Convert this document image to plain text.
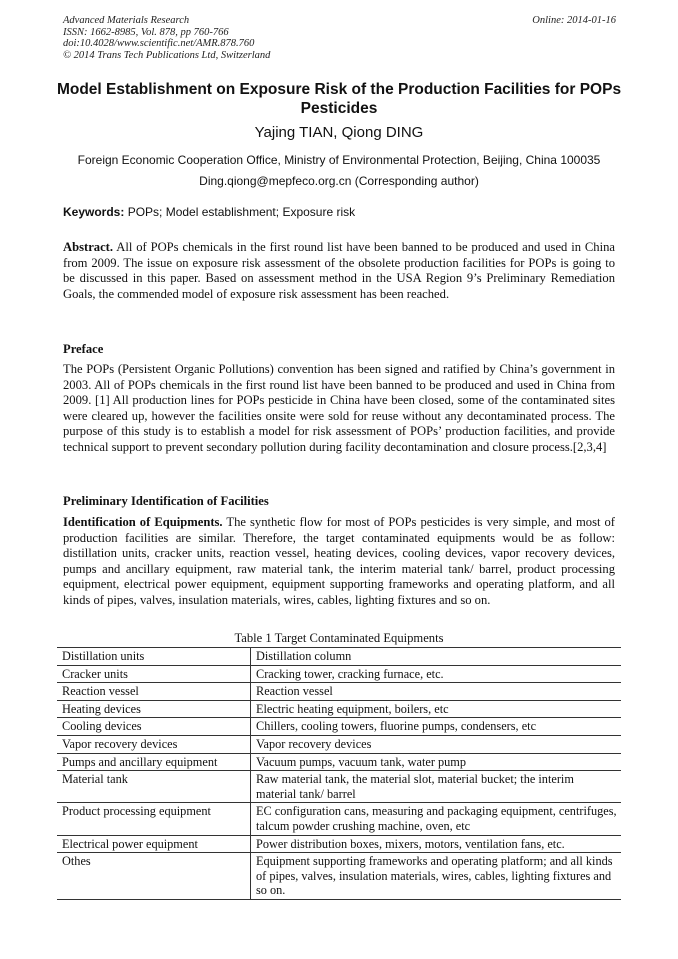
Advanced Materials Research
ISSN: 1662-8985, Vol. 878, pp 760-766
doi:10.4028/www.scientific.net/AMR.878.760
© 2014 Trans Tech Publications Ltd, Switzerland
Online: 2014-01-16
Model Establishment on Exposure Risk of the Production Facilities for POPs Pesticides
Yajing TIAN, Qiong DING
Foreign Economic Cooperation Office, Ministry of Environmental Protection, Beijing, China 100035
Ding.qiong@mepfeco.org.cn (Corresponding author)
Keywords: POPs; Model establishment; Exposure risk
Abstract. All of POPs chemicals in the first round list have been banned to be produced and used in China from 2009. The issue on exposure risk assessment of the obsolete production facilities for POPs is going to be discussed in this paper. Based on assessment method in the USA Region 9’s Preliminary Remediation Goals, the commended model of exposure risk assessment has been reached.
Preface
The POPs (Persistent Organic Pollutions) convention has been signed and ratified by China’s government in 2003. All of POPs chemicals in the first round list have been banned to be produced and used in China from 2009. [1] All production lines for POPs pesticide in China have been closed, some of the contaminated sites were cleared up, however the facilities onsite were sold for reuse without any decontaminated process. The purpose of this study is to establish a model for risk assessment of POPs’ production facilities, and provide technical support to prevent secondary pollution during facility decontamination and closure process.[2,3,4]
Preliminary Identification of Facilities
Identification of Equipments. The synthetic flow for most of POPs pesticides is very simple, and most of production facilities are similar. Therefore, the target contaminated equipments would be as follow: distillation units, cracker units, reaction vessel, heating devices, cooling devices, vapor recovery devices, pumps and ancillary equipment, raw material tank, the interim material tank/ barrel, product processing equipment, electrical power equipment, equipment supporting frameworks and operating platform, and all kinds of pipes, valves, insulation materials, wires, cables, lighting fixtures and so on.
Table 1 Target Contaminated Equipments
Distillation units	Distillation column
Cracker units	Cracking tower, cracking furnace, etc.
Reaction vessel	Reaction vessel
Heating devices	Electric heating equipment, boilers, etc
Cooling devices	Chillers, cooling towers, fluorine pumps, condensers, etc
Vapor recovery devices	Vapor recovery devices
Pumps and ancillary equipment	Vacuum pumps, vacuum tank, water pump
Material tank	Raw material tank, the material slot, material bucket; the interim material tank/ barrel
Product processing equipment	EC configuration cans, measuring and packaging equipment, centrifuges, talcum powder crushing machine, oven, etc
Electrical power equipment	Power distribution boxes, mixers, motors, ventilation fans, etc.
Othes	Equipment supporting frameworks and operating platform; and all kinds of pipes, valves, insulation materials, wires, cables, lighting fixtures and so on.
